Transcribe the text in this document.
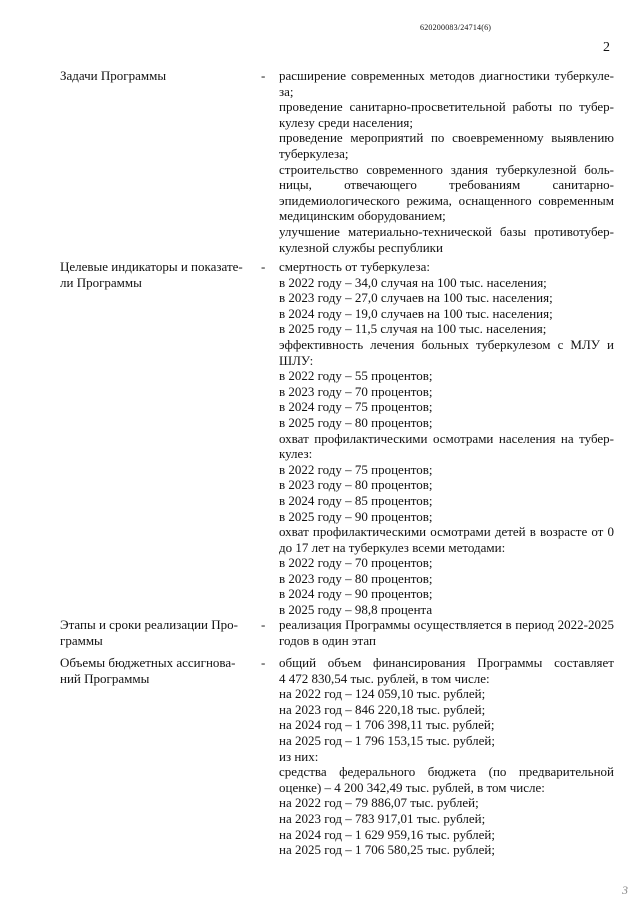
620200083/24714(6)
2
Задачи Программы	- расширение современных методов диагностики туберкуле-
за;
проведение санитарно-просветительной работы по тубер-
кулезу среди населения;
проведение мероприятий по своевременному выявлению
туберкулеза;
строительство современного здания туберкулезной боль-
ницы, отвечающего требованиям санитарно-
эпидемиологического режима, оснащенного современным
медицинским оборудованием;
улучшение материально-технической базы противотубер-
кулезной службы республики
Целевые индикаторы и показате-
ли Программы
- смертность от туберкулеза:
в 2022 году – 34,0 случая на 100 тыс. населения;
в 2023 году – 27,0 случаев на 100 тыс. населения;
в 2024 году – 19,0 случаев на 100 тыс. населения;
в 2025 году – 11,5 случая на 100 тыс. населения;
эффективность лечения больных туберкулезом с МЛУ и
ШЛУ:
в 2022 году – 55 процентов;
в 2023 году – 70 процентов;
в 2024 году – 75 процентов;
в 2025 году – 80 процентов;
охват профилактическими осмотрами населения на тубер-
кулез:
в 2022 году – 75 процентов;
в 2023 году – 80 процентов;
в 2024 году – 85 процентов;
в 2025 году – 90 процентов;
охват профилактическими осмотрами детей в возрасте от 0
до 17 лет на туберкулез всеми методами:
в 2022 году – 70 процентов;
в 2023 году – 80 процентов;
в 2024 году – 90 процентов;
в 2025 году – 98,8 процента
Этапы и сроки реализации Про-
граммы
- реализация Программы осуществляется в период 2022-2025
годов в один этап
Объемы бюджетных ассигнова-
ний Программы
- общий объем финансирования Программы составляет
4 472 830,54 тыс. рублей, в том числе:
на 2022 год – 124 059,10 тыс. рублей;
на 2023 год – 846 220,18 тыс. рублей;
на 2024 год – 1 706 398,11 тыс. рублей;
на 2025 год – 1 796 153,15 тыс. рублей;
из них:
средства федерального бюджета (по предварительной
оценке) – 4 200 342,49 тыс. рублей, в том числе:
на 2022 год – 79 886,07 тыс. рублей;
на 2023 год – 783 917,01 тыс. рублей;
на 2024 год – 1 629 959,16 тыс. рублей;
на 2025 год – 1 706 580,25 тыс. рублей;
3
